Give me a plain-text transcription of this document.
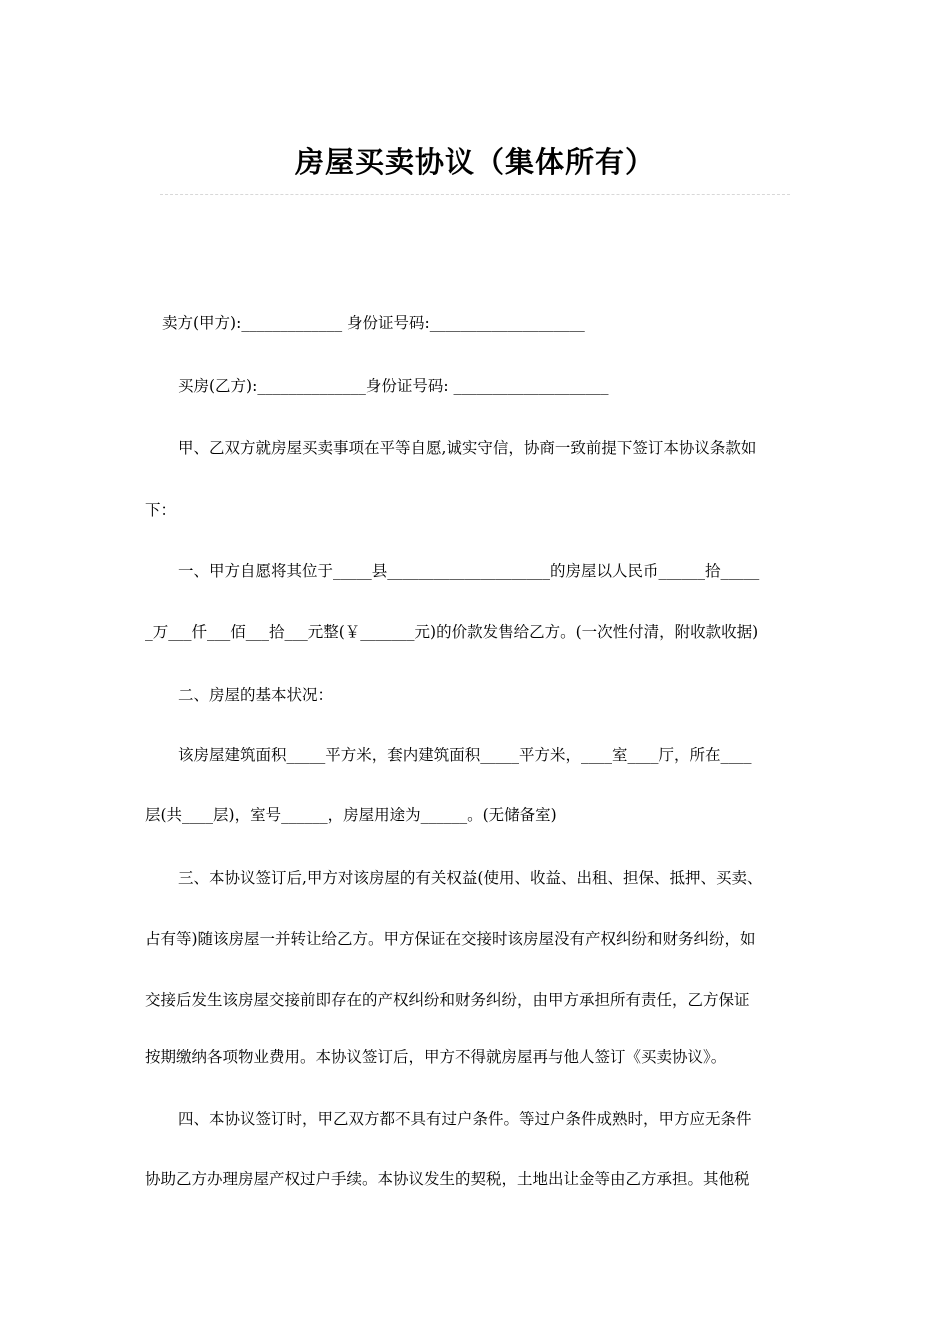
房屋买卖协议（集体所有）
卖方(甲方):_____________ 身份证号码:____________________
买房(乙方):______________身份证号码: ____________________
甲、乙双方就房屋买卖事项在平等自愿,诚实守信，协商一致前提下签订本协议条款如
下：
一、甲方自愿将其位于_____县_____________________的房屋以人民币______拾_____
_万___仟___佰___拾___元整(￥_______元)的价款发售给乙方。(一次性付清，附收款收据)
二、房屋的基本状况：
该房屋建筑面积_____平方米，套内建筑面积_____平方米，____室____厅，所在____
层(共____层)，室号______，房屋用途为______。(无储备室)
三、本协议签订后,甲方对该房屋的有关权益(使用、收益、出租、担保、抵押、买卖、
占有等)随该房屋一并转让给乙方。甲方保证在交接时该房屋没有产权纠纷和财务纠纷，如
交接后发生该房屋交接前即存在的产权纠纷和财务纠纷，由甲方承担所有责任，乙方保证
按期缴纳各项物业费用。本协议签订后，甲方不得就房屋再与他人签订《买卖协议》。
四、本协议签订时，甲乙双方都不具有过户条件。等过户条件成熟时，甲方应无条件
协助乙方办理房屋产权过户手续。本协议发生的契税，土地出让金等由乙方承担。其他税
